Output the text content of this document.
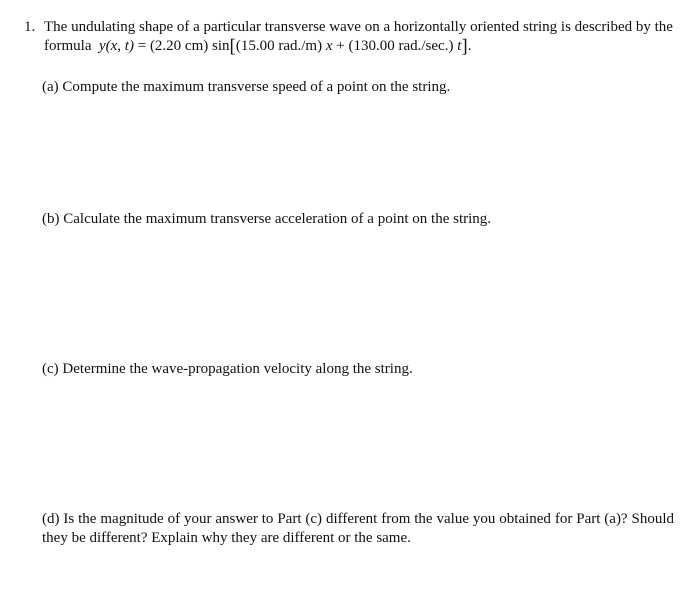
1. The undulating shape of a particular transverse wave on a horizontally oriented string is described by the
formula y(x, t) = (2.20 cm) sin[(15.00 rad./m) x + (130.00 rad./sec.) t].
(a) Compute the maximum transverse speed of a point on the string.
(b) Calculate the maximum transverse acceleration of a point on the string.
(c) Determine the wave-propagation velocity along the string.
(d) Is the magnitude of your answer to Part (c) different from the value you obtained for Part (a)? Should they be different? Explain why they are different or the same.
